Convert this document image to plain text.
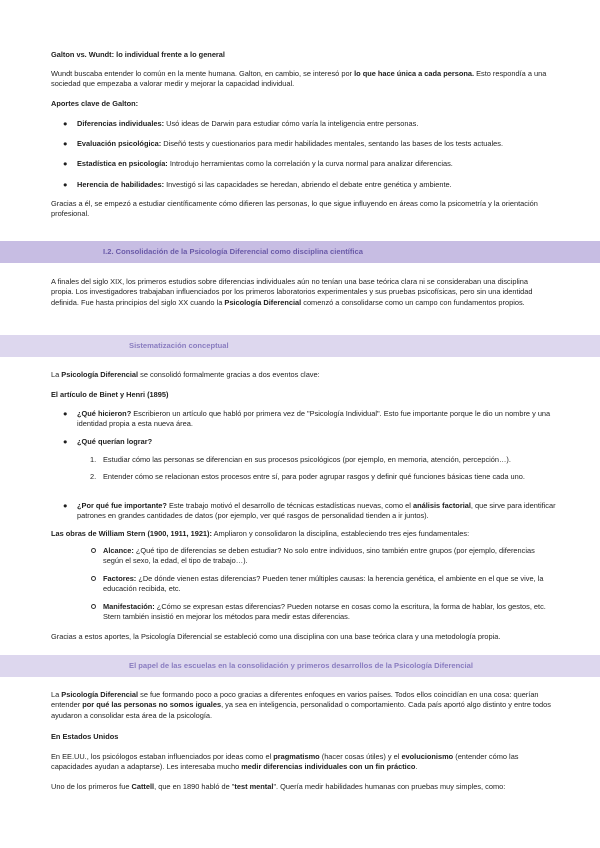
Galton vs. Wundt: lo individual frente a lo general

Wundt buscaba entender lo común en la mente humana. Galton, en cambio, se interesó por lo que hace única a cada persona. Esto respondía a una sociedad que empezaba a valorar medir y mejorar la capacidad individual.

Aportes clave de Galton:

● Diferencias individuales: Usó ideas de Darwin para estudiar cómo varía la inteligencia entre personas.
● Evaluación psicológica: Diseñó tests y cuestionarios para medir habilidades mentales, sentando las bases de los tests actuales.
● Estadística en psicología: Introdujo herramientas como la correlación y la curva normal para analizar diferencias.
● Herencia de habilidades: Investigó si las capacidades se heredan, abriendo el debate entre genética y ambiente.

Gracias a él, se empezó a estudiar científicamente cómo difieren las personas, lo que sigue influyendo en áreas como la psicometría y la orientación profesional.

I.2. Consolidación de la Psicología Diferencial como disciplina científica

A finales del siglo XIX, los primeros estudios sobre diferencias individuales aún no tenían una base teórica clara ni se consideraban una disciplina propia. Los investigadores trabajaban influenciados por los primeros laboratorios experimentales y sus pruebas psicofísicas, pero sin una identidad definida. Fue hasta principios del siglo XX cuando la Psicología Diferencial comenzó a consolidarse como un campo con fundamentos propios.

Sistematización conceptual

La Psicología Diferencial se consolidó formalmente gracias a dos eventos clave:

El artículo de Binet y Henri (1895)

● ¿Qué hicieron? Escribieron un artículo que habló por primera vez de "Psicología Individual". Esto fue importante porque le dio un nombre y una identidad propia a esta nueva área.
● ¿Qué querían lograr?
1. Estudiar cómo las personas se diferencian en sus procesos psicológicos (por ejemplo, en memoria, atención, percepción…).
2. Entender cómo se relacionan estos procesos entre sí, para poder agrupar rasgos y definir qué funciones básicas tiene cada uno.
● ¿Por qué fue importante? Este trabajo motivó el desarrollo de técnicas estadísticas nuevas, como el análisis factorial, que sirve para identificar patrones en grandes cantidades de datos (por ejemplo, ver qué rasgos de personalidad tienden a ir juntos).

Las obras de William Stern (1900, 1911, 1921): Ampliaron y consolidaron la disciplina, estableciendo tres ejes fundamentales:

Alcance: ¿Qué tipo de diferencias se deben estudiar? No solo entre individuos, sino también entre grupos (por ejemplo, diferencias según el sexo, la edad, el tipo de trabajo…).
Factores: ¿De dónde vienen estas diferencias? Pueden tener múltiples causas: la herencia genética, el ambiente en el que se vive, la educación recibida, etc.
Manifestación: ¿Cómo se expresan estas diferencias? Pueden notarse en cosas como la escritura, la forma de hablar, los gestos, etc. Stern también insistió en mejorar los métodos para medir estas diferencias.

Gracias a estos aportes, la Psicología Diferencial se estableció como una disciplina con una base teórica clara y una metodología propia.

El papel de las escuelas en la consolidación y primeros desarrollos de la Psicología Diferencial

La Psicología Diferencial se fue formando poco a poco gracias a diferentes enfoques en varios países. Todos ellos coincidían en una cosa: querían entender por qué las personas no somos iguales, ya sea en inteligencia, personalidad o comportamiento. Cada país aportó algo distinto y entre todos ayudaron a consolidar esta área de la psicología.

En Estados Unidos

En EE.UU., los psicólogos estaban influenciados por ideas como el pragmatismo (hacer cosas útiles) y el evolucionismo (entender cómo las capacidades ayudan a adaptarse). Les interesaba mucho medir diferencias individuales con un fin práctico.

Uno de los primeros fue Cattell, que en 1890 habló de "test mental". Quería medir habilidades humanas con pruebas muy simples, como:
